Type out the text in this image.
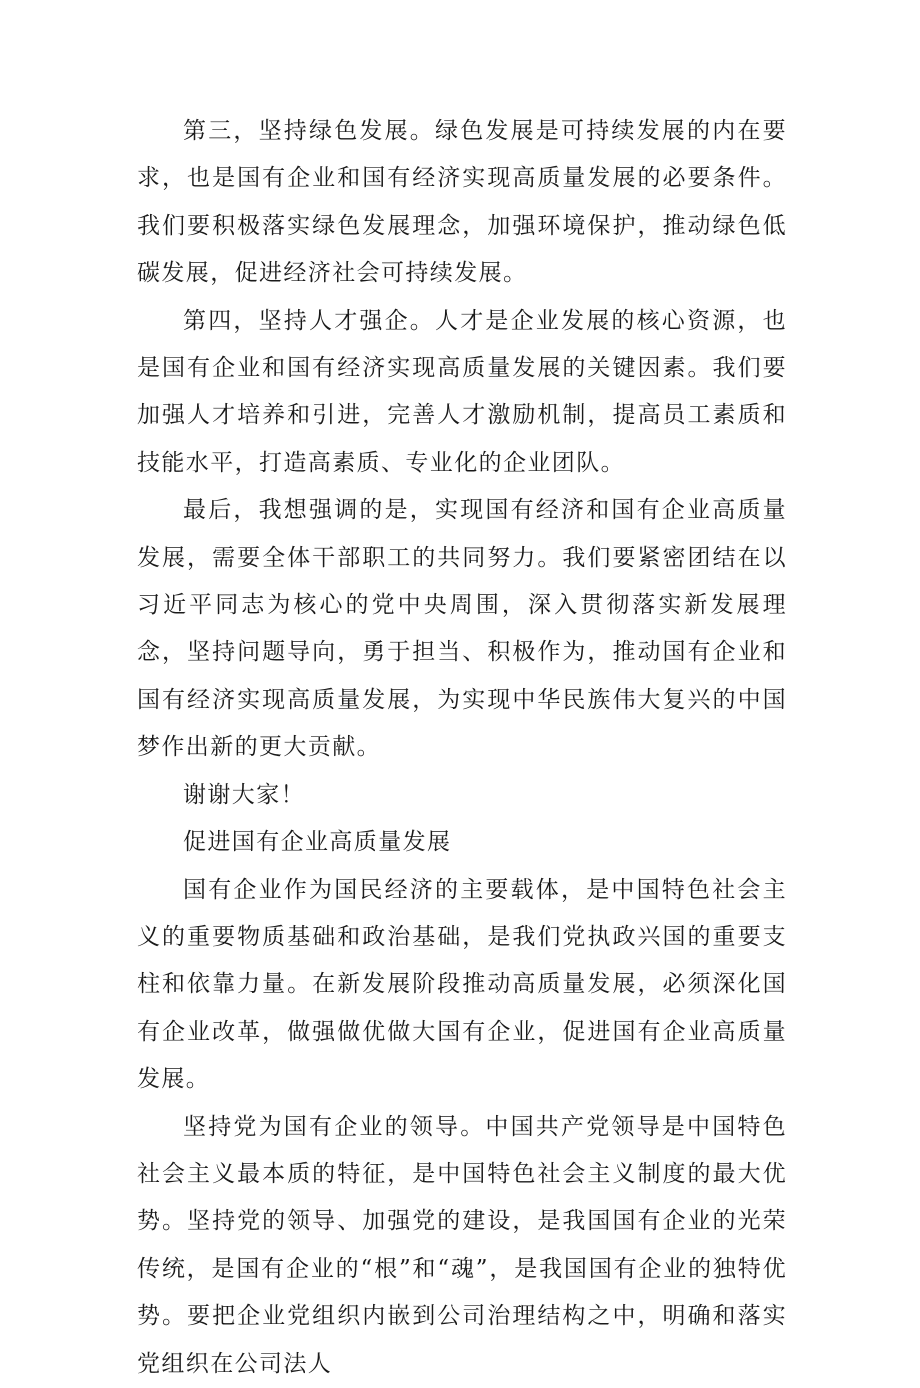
第三，坚持绿色发展。绿色发展是可持续发展的内在要求，也是国有企业和国有经济实现高质量发展的必要条件。我们要积极落实绿色发展理念，加强环境保护，推动绿色低碳发展，促进经济社会可持续发展。

第四，坚持人才强企。人才是企业发展的核心资源，也是国有企业和国有经济实现高质量发展的关键因素。我们要加强人才培养和引进，完善人才激励机制，提高员工素质和技能水平，打造高素质、专业化的企业团队。

最后，我想强调的是，实现国有经济和国有企业高质量发展，需要全体干部职工的共同努力。我们要紧密团结在以习近平同志为核心的党中央周围，深入贯彻落实新发展理念，坚持问题导向，勇于担当、积极作为，推动国有企业和国有经济实现高质量发展，为实现中华民族伟大复兴的中国梦作出新的更大贡献。

谢谢大家！

促进国有企业高质量发展

国有企业作为国民经济的主要载体，是中国特色社会主义的重要物质基础和政治基础，是我们党执政兴国的重要支柱和依靠力量。在新发展阶段推动高质量发展，必须深化国有企业改革，做强做优做大国有企业，促进国有企业高质量发展。

坚持党为国有企业的领导。中国共产党领导是中国特色社会主义最本质的特征，是中国特色社会主义制度的最大优势。坚持党的领导、加强党的建设，是我国国有企业的光荣传统，是国有企业的“根”和“魂”，是我国国有企业的独特优势。要把企业党组织内嵌到公司治理结构之中，明确和落实党组织在公司法人
